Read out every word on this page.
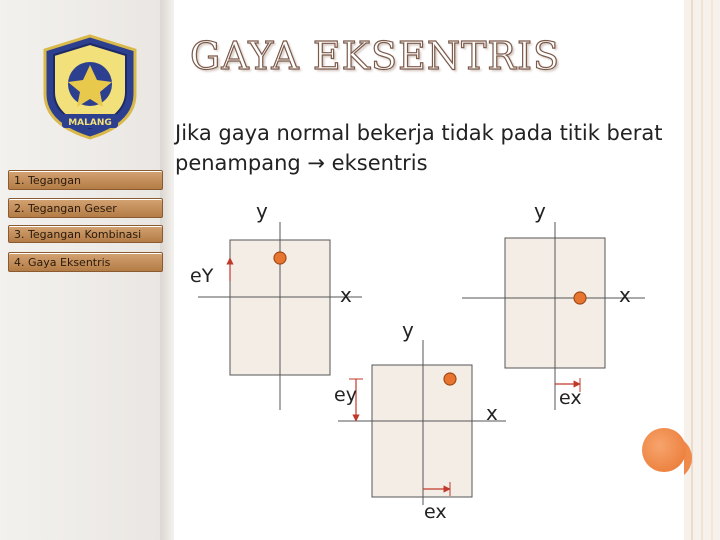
MALANG
1. Tegangan
2. Tegangan Geser
3. Tegangan Kombinasi
4. Gaya Eksentris
GAYA EKSENTRIS
Jika gaya normal bekerja tidak pada titik berat penampang → eksentris
y
x
eY
y
x
ex
y
x
ey
ex
